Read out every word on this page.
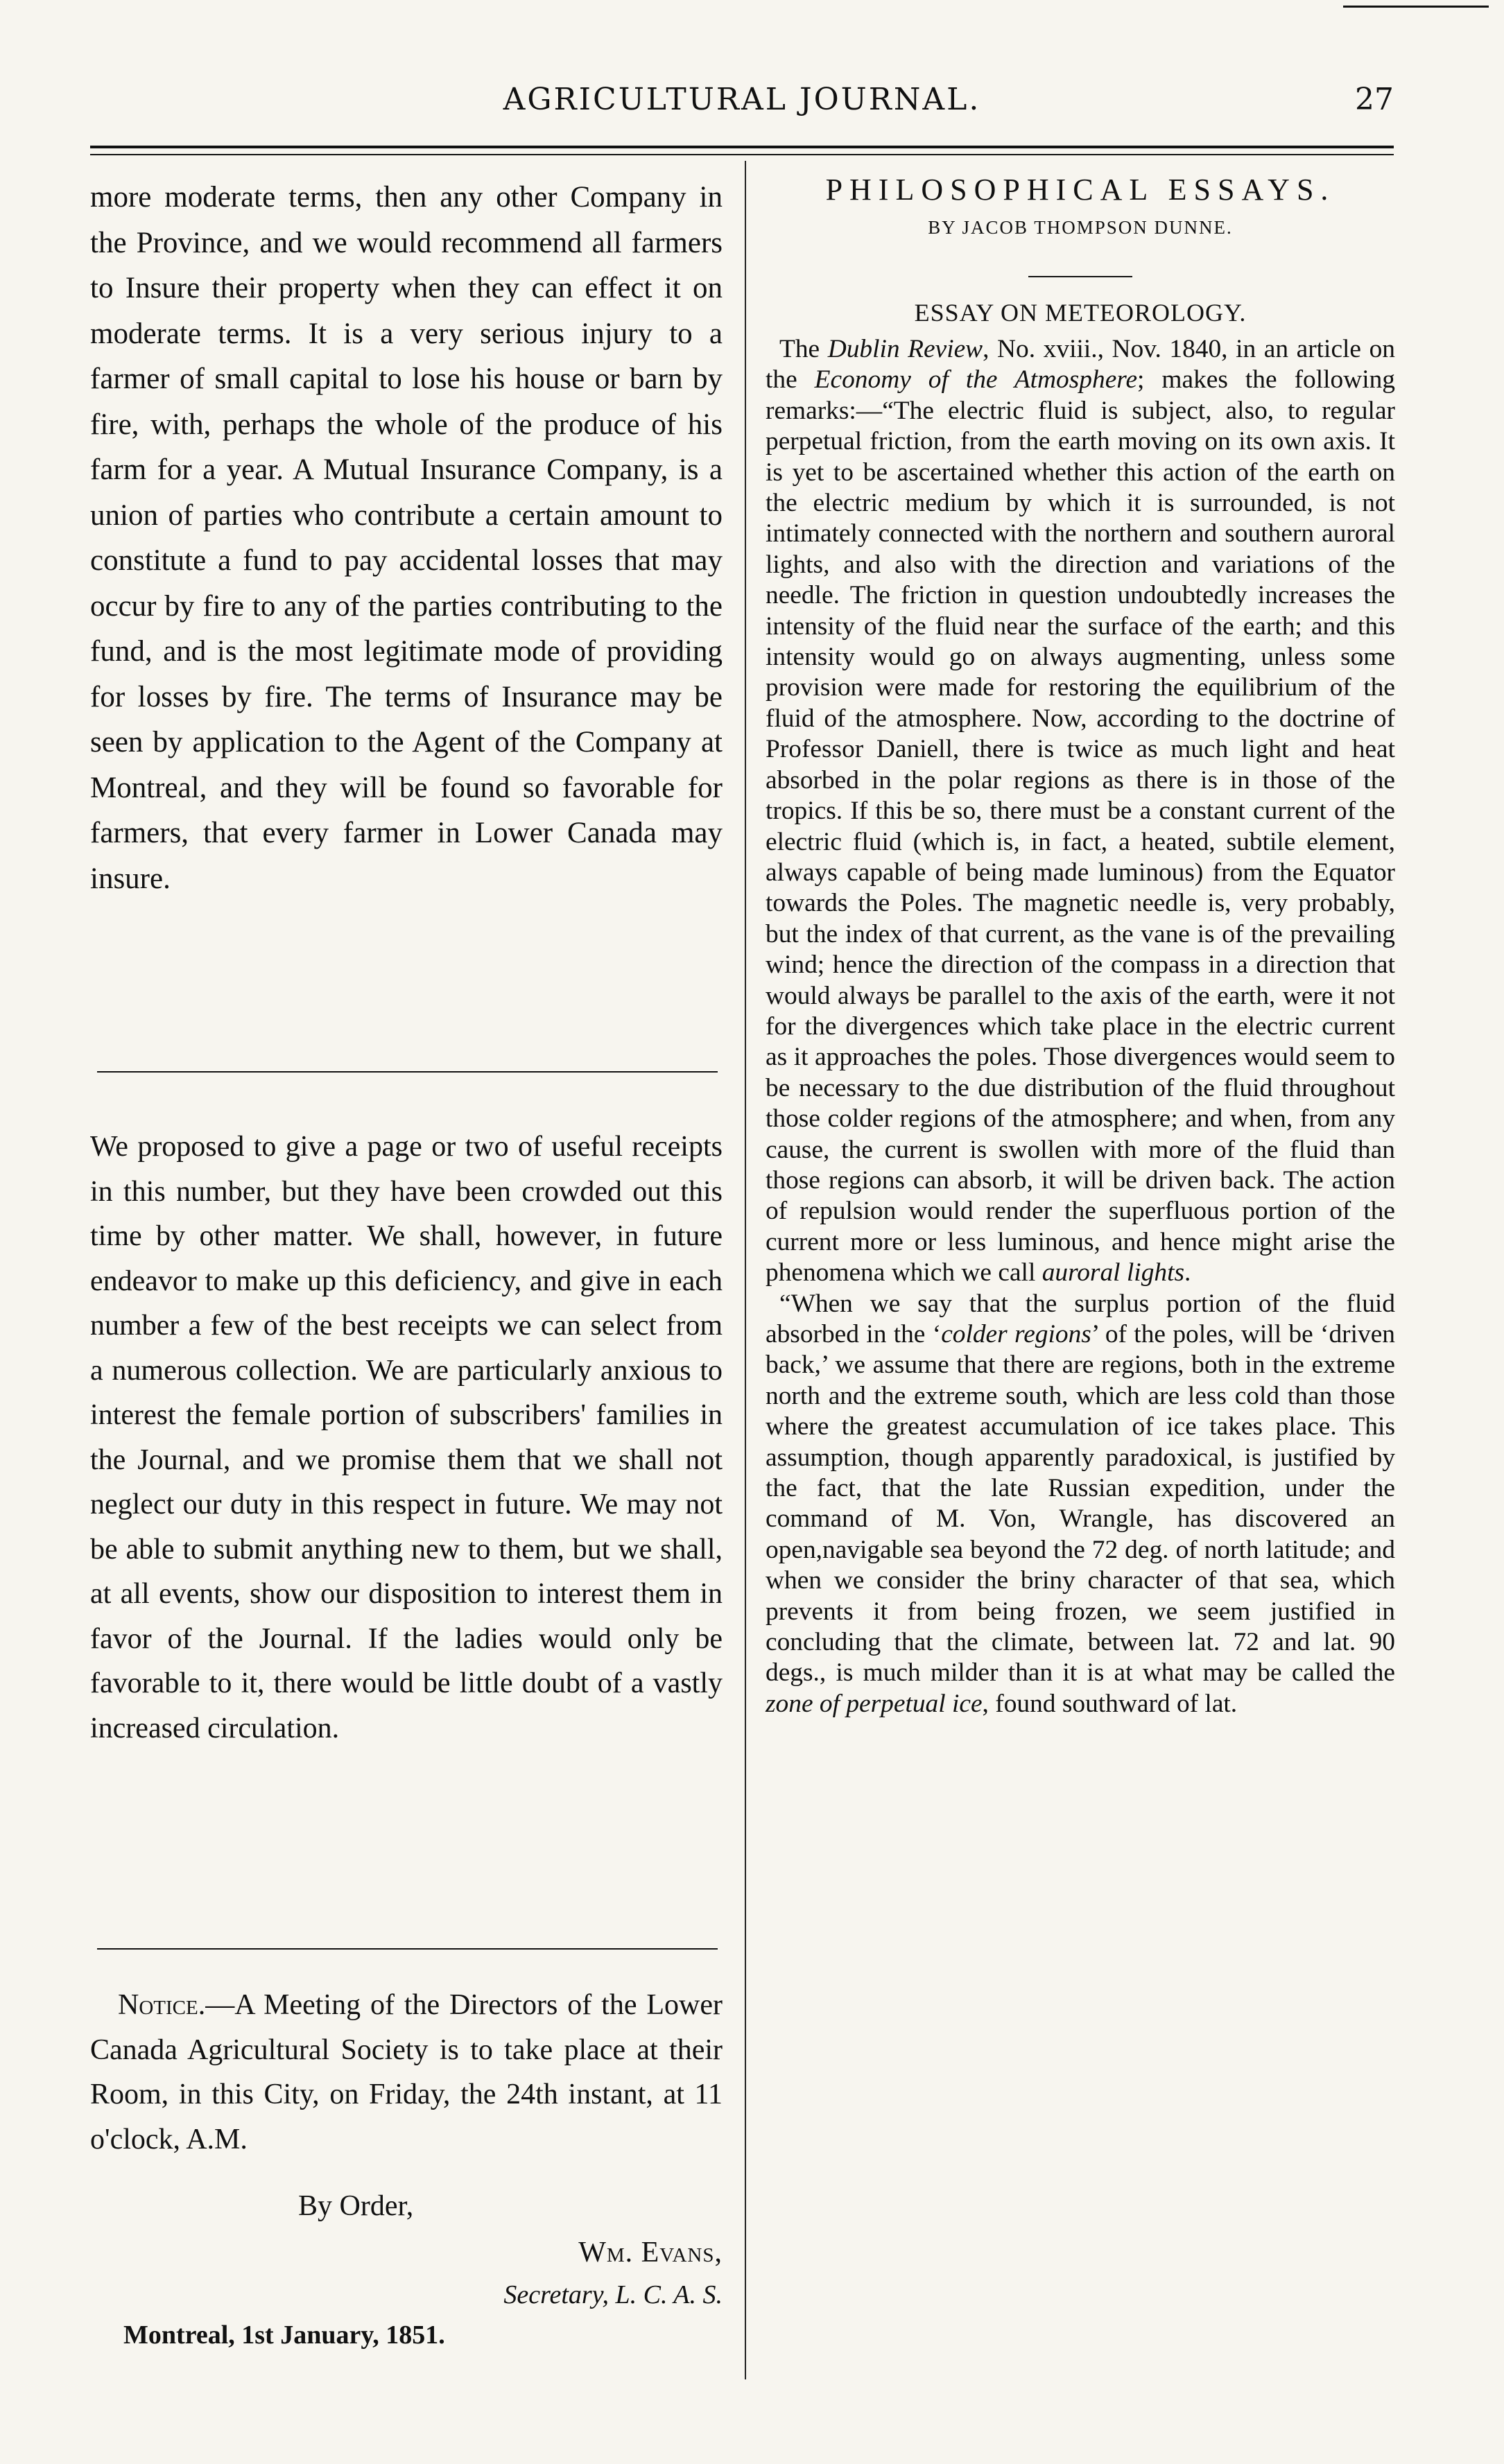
AGRICULTURAL JOURNAL.	27

more moderate terms, then any other Company in the Province, and we would recommend all farmers to Insure their property when they can effect it on moderate terms. It is a very serious injury to a farmer of small capital to lose his house or barn by fire, with, perhaps the whole of the produce of his farm for a year. A Mutual Insurance Company, is a union of parties who contribute a certain amount to constitute a fund to pay accidental losses that may occur by fire to any of the parties contributing to the fund, and is the most legitimate mode of providing for losses by fire. The terms of Insurance may be seen by application to the Agent of the Company at Montreal, and they will be found so favorable for farmers, that every farmer in Lower Canada may insure.

We proposed to give a page or two of useful receipts in this number, but they have been crowded out this time by other matter. We shall, however, in future endeavor to make up this deficiency, and give in each number a few of the best receipts we can select from a numerous collection. We are particularly anxious to interest the female portion of subscribers' families in the Journal, and we promise them that we shall not neglect our duty in this respect in future. We may not be able to submit anything new to them, but we shall, at all events, show our disposition to interest them in favor of the Journal. If the ladies would only be favorable to it, there would be little doubt of a vastly increased circulation.

Notice.—A Meeting of the Directors of the Lower Canada Agricultural Society is to take place at their Room, in this City, on Friday, the 24th instant, at 11 o'clock, A.M.

By Order,
Wm. Evans,
Secretary, L. C. A. S.
Montreal, 1st January, 1851.
PHILOSOPHICAL ESSAYS.
BY JACOB THOMPSON DUNNE.
ESSAY ON METEOROLOGY.

The Dublin Review, No. xviii., Nov. 1840, in an article on the Economy of the Atmosphere; makes the following remarks:—“The electric fluid is subject, also, to regular perpetual friction, from the earth moving on its own axis. It is yet to be ascertained whether this action of the earth on the electric medium by which it is surrounded, is not intimately connected with the northern and southern auroral lights, and also with the direction and variations of the needle. The friction in question undoubtedly increases the intensity of the fluid near the surface of the earth; and this intensity would go on always augmenting, unless some provision were made for restoring the equilibrium of the fluid of the atmosphere. Now, according to the doctrine of Professor Daniell, there is twice as much light and heat absorbed in the polar regions as there is in those of the tropics. If this be so, there must be a constant current of the electric fluid (which is, in fact, a heated, subtile element, always capable of being made luminous) from the Equator towards the Poles. The magnetic needle is, very probably, but the index of that current, as the vane is of the prevailing wind; hence the direction of the compass in a direction that would always be parallel to the axis of the earth, were it not for the divergences which take place in the electric current as it approaches the poles. Those divergences would seem to be necessary to the due distribution of the fluid throughout those colder regions of the atmosphere; and when, from any cause, the current is swollen with more of the fluid than those regions can absorb, it will be driven back. The action of repulsion would render the superfluous portion of the current more or less luminous, and hence might arise the phenomena which we call auroral lights.

“When we say that the surplus portion of the fluid absorbed in the ‘colder regions’ of the poles, will be ‘driven back,’ we assume that there are regions, both in the extreme north and the extreme south, which are less cold than those where the greatest accumulation of ice takes place. This assumption, though apparently paradoxical, is justified by the fact, that the late Russian expedition, under the command of M. Von, Wrangle, has discovered an open,navigable sea beyond the 72 deg. of north latitude; and when we consider the briny character of that sea, which prevents it from being frozen, we seem justified in concluding that the climate, between lat. 72 and lat. 90 degs., is much milder than it is at what may be called the zone of perpetual ice, found southward of lat.
